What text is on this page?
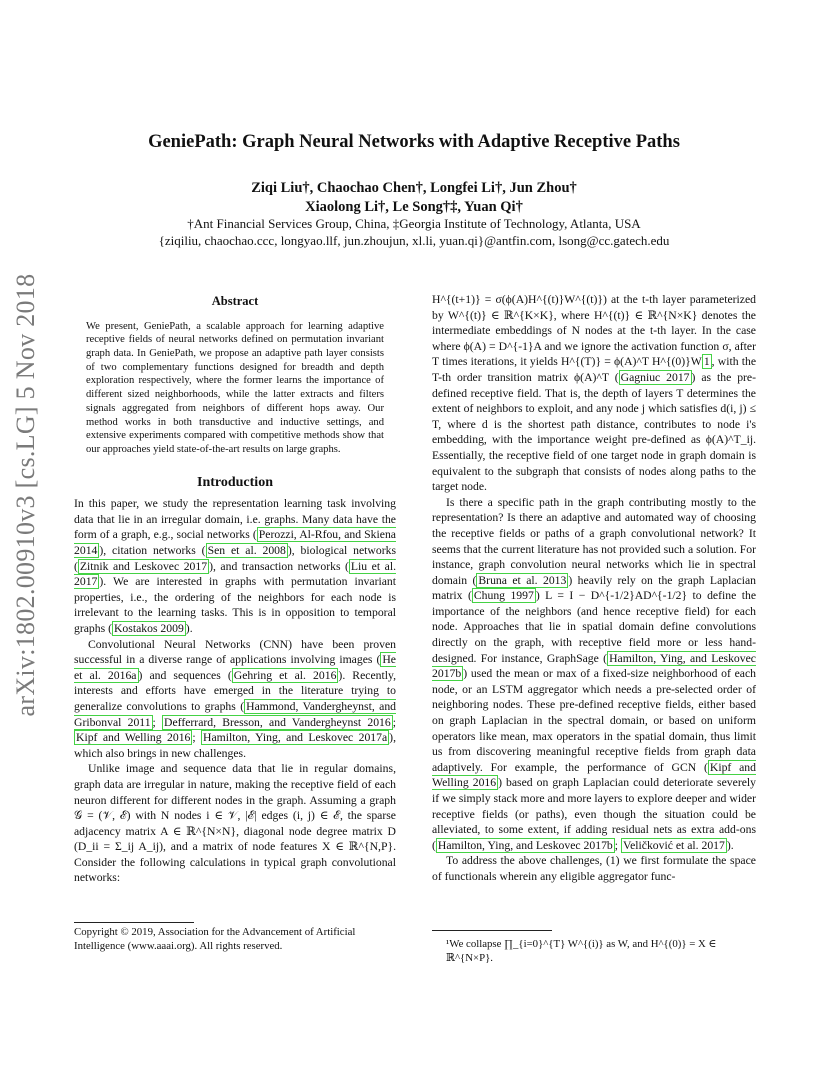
arXiv:1802.00910v3 [cs.LG] 5 Nov 2018
GeniePath: Graph Neural Networks with Adaptive Receptive Paths
Ziqi Liu†, Chaochao Chen†, Longfei Li†, Jun Zhou†
Xiaolong Li†, Le Song†‡, Yuan Qi†
†Ant Financial Services Group, China, ‡Georgia Institute of Technology, Atlanta, USA
{ziqiliu, chaochao.ccc, longyao.llf, jun.zhoujun, xl.li, yuan.qi}@antfin.com, lsong@cc.gatech.edu
Abstract
We present, GeniePath, a scalable approach for learning adaptive receptive fields of neural networks defined on permutation invariant graph data. In GeniePath, we propose an adaptive path layer consists of two complementary functions designed for breadth and depth exploration respectively, where the former learns the importance of different sized neighborhoods, while the latter extracts and filters signals aggregated from neighbors of different hops away. Our method works in both transductive and inductive settings, and extensive experiments compared with competitive methods show that our approaches yield state-of-the-art results on large graphs.
Introduction

In this paper, we study the representation learning task involving data that lie in an irregular domain, i.e. graphs. Many data have the form of a graph, e.g., social networks ( Perozzi, Al-Rfou, and Skiena 2014 ), citation networks ( Sen et al. 2008 ), biological networks ( Zitnik and Leskovec 2017 ), and transaction networks ( Liu et al. 2017 ). We are interested in graphs with permutation invariant properties, i.e., the ordering of the neighbors for each node is irrelevant to the learning tasks. This is in opposition to temporal graphs ( Kostakos 2009 ).

Convolutional Neural Networks (CNN) have been proven successful in a diverse range of applications involving images ( He et al. 2016a ) and sequences ( Gehring et al. 2016 ). Recently, interests and efforts have emerged in the literature trying to generalize convolutions to graphs ( Hammond, Vandergheynst, and Gribonval 2011 ; Defferrard, Bresson, and Vandergheynst 2016 ; Kipf and Welling 2016 ; Hamilton, Ying, and Leskovec 2017a ), which also brings in new challenges.

Unlike image and sequence data that lie in regular domains, graph data are irregular in nature, making the receptive field of each neuron different for different nodes in the graph. Assuming a graph 𝒢 = (𝒱, ℰ) with N nodes i ∈ 𝒱, |ℰ| edges (i, j) ∈ ℰ, the sparse adjacency matrix A ∈ ℝ^{N×N}, diagonal node degree matrix D (D_ii = Σ_ij A_ij), and a matrix of node features X ∈ ℝ^{N,P}. Consider the following calculations in typical graph convolutional networks:

Copyright © 2019, Association for the Advancement of Artificial Intelligence (www.aaai.org). All rights reserved.

H^{(t+1)} = σ(ϕ(A)H^{(t)}W^{(t)}) at the t-th layer parameterized by W^{(t)} ∈ ℝ^{K×K}, where H^{(t)} ∈ ℝ^{N×K} denotes the intermediate embeddings of N nodes at the t-th layer. In the case where ϕ(A) = D^{-1}A and we ignore the activation function σ, after T times iterations, it yields H^{(T)} = ϕ(A)^T H^{(0)}W 1 , with the T-th order transition matrix ϕ(A)^T ( Gagniuc 2017 ) as the pre-defined receptive field. That is, the depth of layers T determines the extent of neighbors to exploit, and any node j which satisfies d(i, j) ≤ T, where d is the shortest path distance, contributes to node i's embedding, with the importance weight pre-defined as ϕ(A)^T_ij. Essentially, the receptive field of one target node in graph domain is equivalent to the subgraph that consists of nodes along paths to the target node.

Is there a specific path in the graph contributing mostly to the representation? Is there an adaptive and automated way of choosing the receptive fields or paths of a graph convolutional network? It seems that the current literature has not provided such a solution. For instance, graph convolution neural networks which lie in spectral domain ( Bruna et al. 2013 ) heavily rely on the graph Laplacian matrix ( Chung 1997 ) L = I − D^{-1/2}AD^{-1/2} to define the importance of the neighbors (and hence receptive field) for each node. Approaches that lie in spatial domain define convolutions directly on the graph, with receptive field more or less hand-designed. For instance, GraphSage ( Hamilton, Ying, and Leskovec 2017b ) used the mean or max of a fixed-size neighborhood of each node, or an LSTM aggregator which needs a pre-selected order of neighboring nodes. These pre-defined receptive fields, either based on graph Laplacian in the spectral domain, or based on uniform operators like mean, max operators in the spatial domain, thus limit us from discovering meaningful receptive fields from graph data adaptively. For example, the performance of GCN ( Kipf and Welling 2016 ) based on graph Laplacian could deteriorate severely if we simply stack more and more layers to explore deeper and wider receptive fields (or paths), even though the situation could be alleviated, to some extent, if adding residual nets as extra add-ons ( Hamilton, Ying, and Leskovec 2017b ; Veličković et al. 2017 ).

To address the above challenges, (1) we first formulate the space of functionals wherein any eligible aggregator func-

¹We collapse ∏_{i=0}^{T} W^{(i)} as W, and H^{(0)} = X ∈ ℝ^{N×P}.
